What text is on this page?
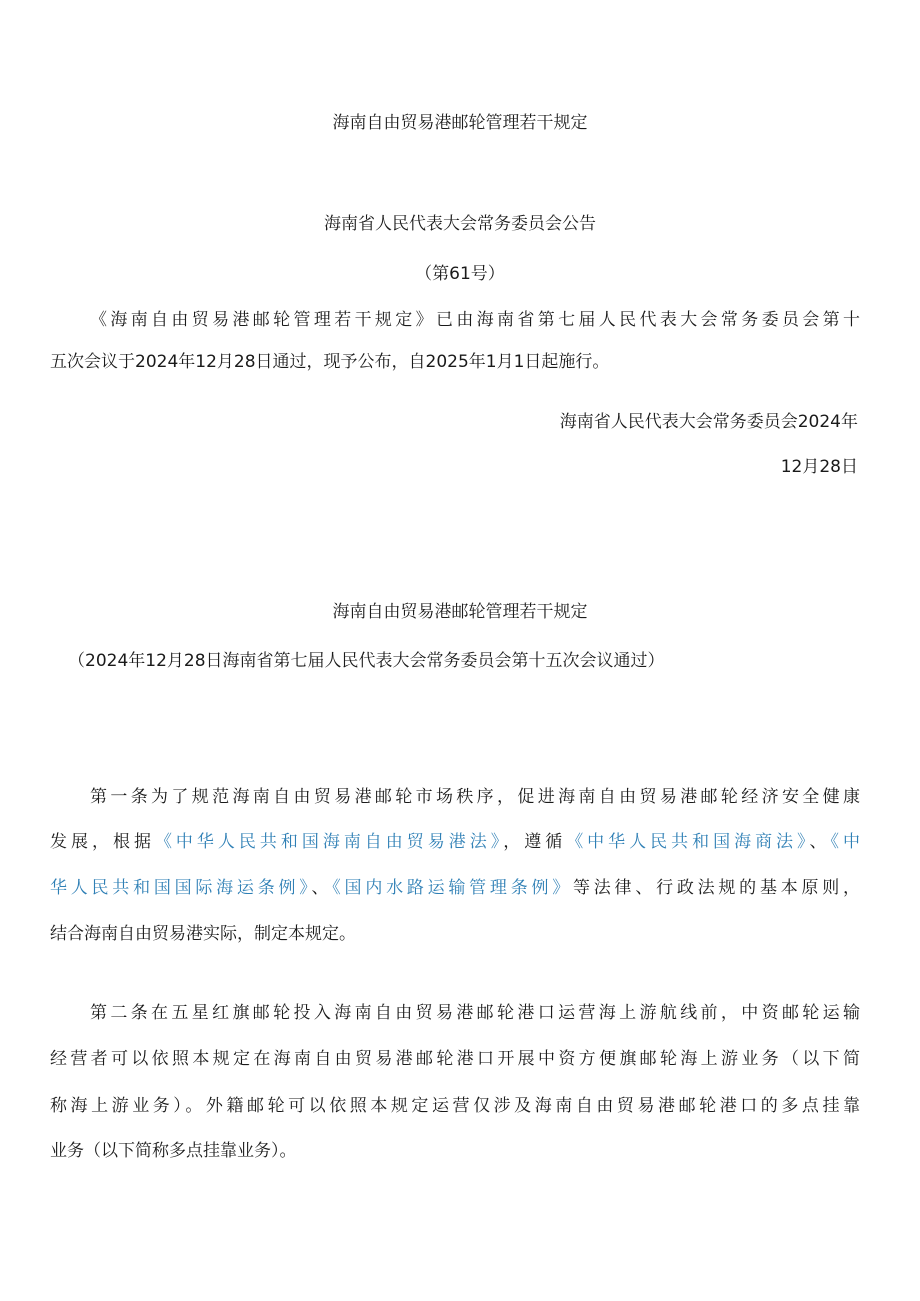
海南自由贸易港邮轮管理若干规定
海南省人民代表大会常务委员会公告
（第61号）
《海南自由贸易港邮轮管理若干规定》已由海南省第七届人民代表大会常务委员会第十
五次会议于2024年12月28日通过，现予公布，自2025年1月1日起施行。
海南省人民代表大会常务委员会2024年
12月28日
海南自由贸易港邮轮管理若干规定
（2024年12月28日海南省第七届人民代表大会常务委员会第十五次会议通过）
第一条为了规范海南自由贸易港邮轮市场秩序，促进海南自由贸易港邮轮经济安全健康
发展，根据《中华人民共和国海南自由贸易港法》，遵循《中华人民共和国海商法》、《中
华人民共和国国际海运条例》、《国内水路运输管理条例》等法律、行政法规的基本原则，
结合海南自由贸易港实际，制定本规定。
第二条在五星红旗邮轮投入海南自由贸易港邮轮港口运营海上游航线前，中资邮轮运输
经营者可以依照本规定在海南自由贸易港邮轮港口开展中资方便旗邮轮海上游业务（以下简
称海上游业务）。外籍邮轮可以依照本规定运营仅涉及海南自由贸易港邮轮港口的多点挂靠
业务（以下简称多点挂靠业务）。
